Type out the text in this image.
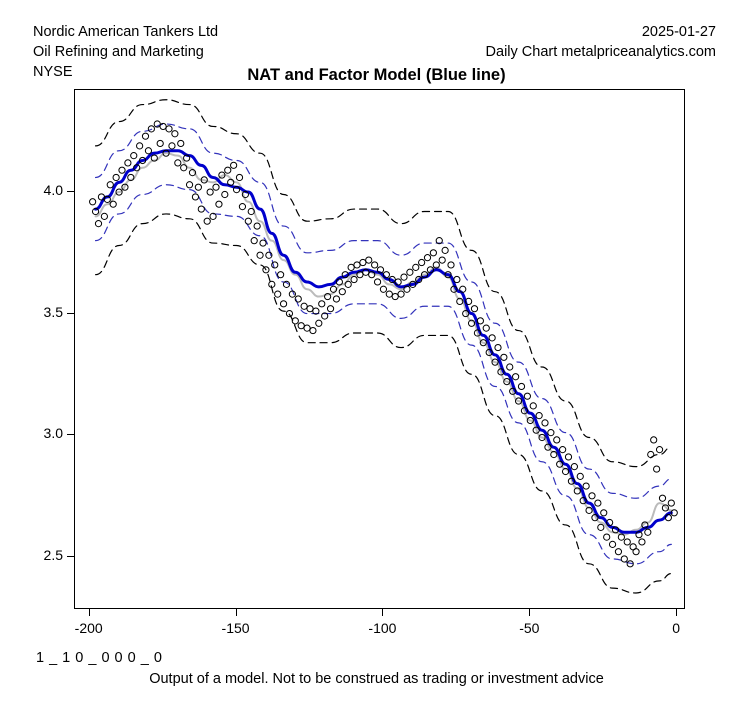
Nordic American Tankers Ltd
Oil Refining and Marketing
NYSE
2025-01-27
Daily Chart metalpriceanalytics.com
NAT and Factor Model (Blue line)
2.5
3.0
3.5
4.0
-200	-150	-100	-50	0
1 _ 1 0 _ 0 0 0 _ 0
Output of a model. Not to be construed as trading or investment advice
